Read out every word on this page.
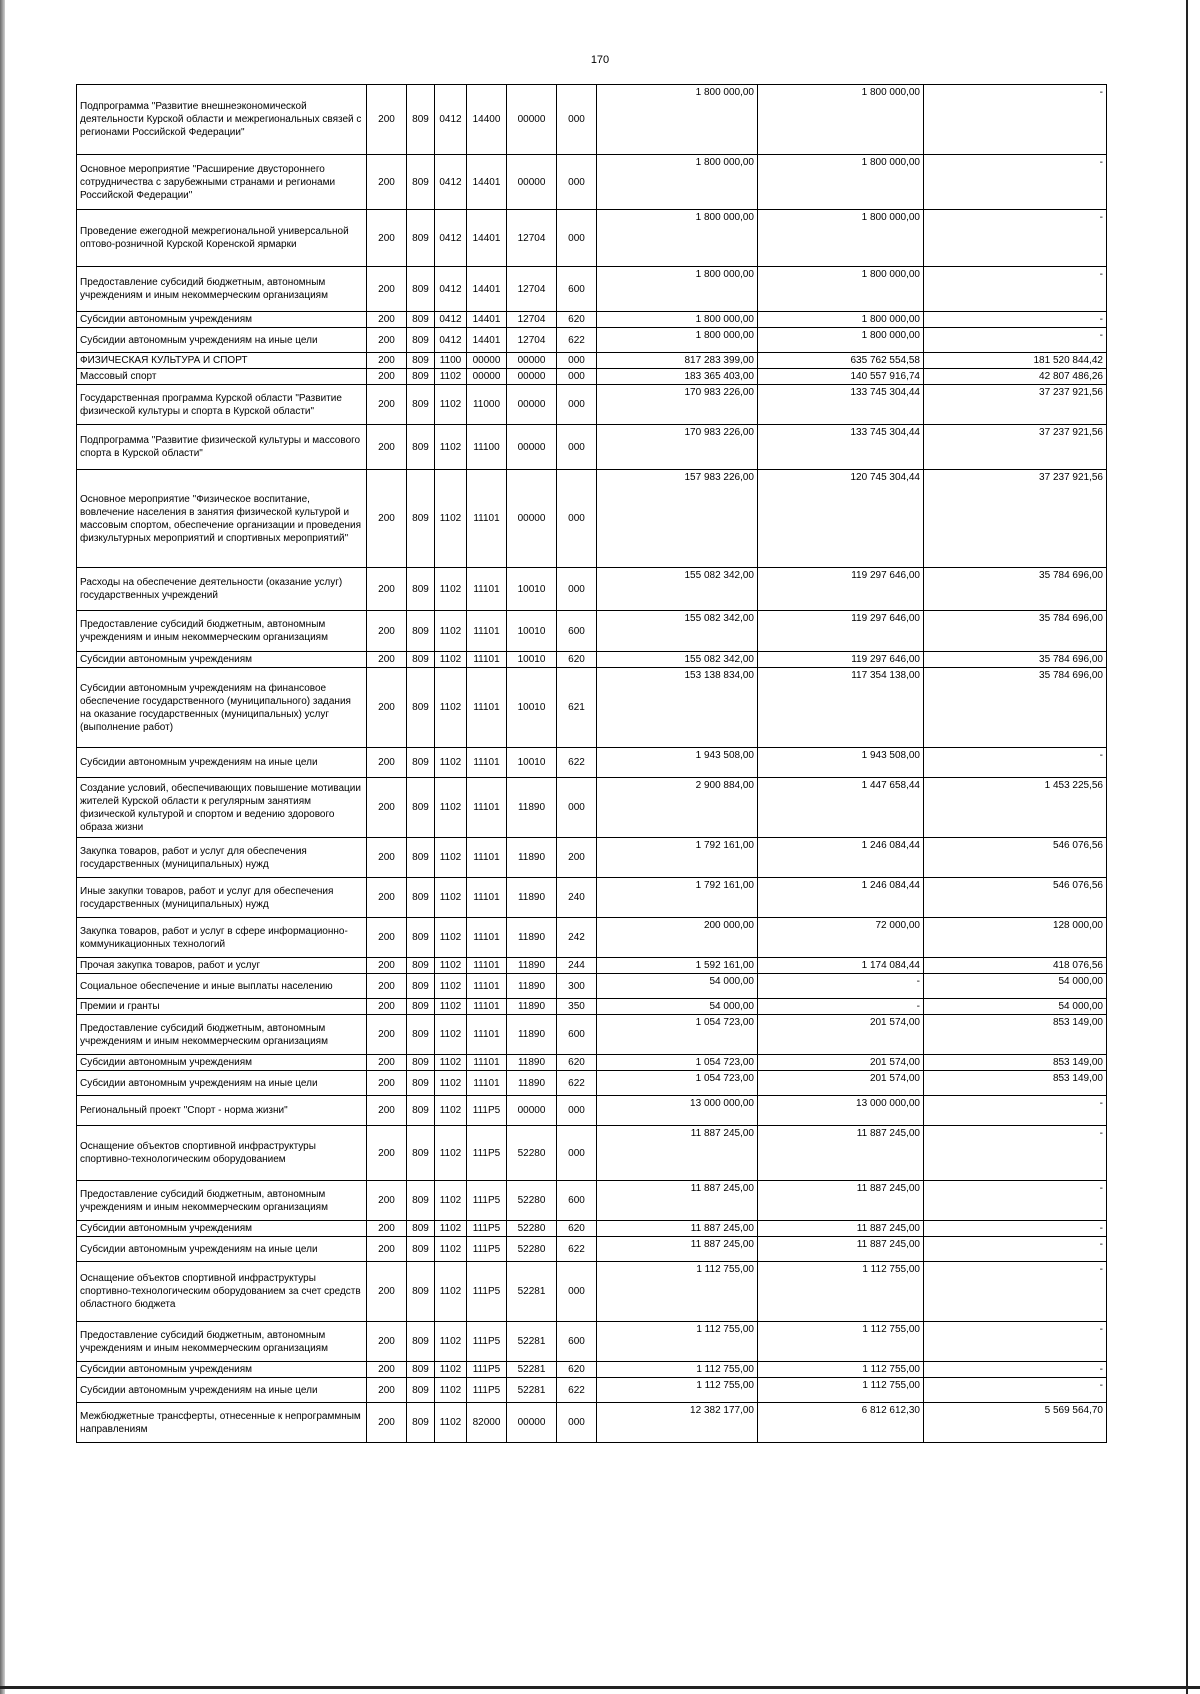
170
Подпрограмма "Развитие внешнеэкономической деятельности Курской области и межрегиональных связей с регионами Российской Федерации"	200	809	0412	14400	00000	000	1 800 000,00	1 800 000,00	-
Основное мероприятие "Расширение двустороннего сотрудничества с зарубежными странами и регионами Российской Федерации"	200	809	0412	14401	00000	000	1 800 000,00	1 800 000,00	-
Проведение ежегодной межрегиональной универсальной оптово-розничной Курской Коренской ярмарки	200	809	0412	14401	12704	000	1 800 000,00	1 800 000,00	-
Предоставление субсидий бюджетным, автономным учреждениям и иным некоммерческим организациям	200	809	0412	14401	12704	600	1 800 000,00	1 800 000,00	-
Субсидии автономным учреждениям	200	809	0412	14401	12704	620	1 800 000,00	1 800 000,00	-
Субсидии автономным учреждениям на иные цели	200	809	0412	14401	12704	622	1 800 000,00	1 800 000,00	-
ФИЗИЧЕСКАЯ КУЛЬТУРА И СПОРТ	200	809	1100	00000	00000	000	817 283 399,00	635 762 554,58	181 520 844,42
Массовый спорт	200	809	1102	00000	00000	000	183 365 403,00	140 557 916,74	42 807 486,26
Государственная программа Курской области "Развитие физической культуры и спорта в Курской области"	200	809	1102	11000	00000	000	170 983 226,00	133 745 304,44	37 237 921,56
Подпрограмма "Развитие физической культуры и массового спорта в Курской области"	200	809	1102	11100	00000	000	170 983 226,00	133 745 304,44	37 237 921,56
Основное мероприятие "Физическое воспитание, вовлечение населения в занятия физической культурой и массовым спортом, обеспечение организации и проведения физкультурных мероприятий и спортивных мероприятий"	200	809	1102	11101	00000	000	157 983 226,00	120 745 304,44	37 237 921,56
Расходы на обеспечение деятельности (оказание услуг) государственных учреждений	200	809	1102	11101	10010	000	155 082 342,00	119 297 646,00	35 784 696,00
Предоставление субсидий бюджетным, автономным учреждениям и иным некоммерческим организациям	200	809	1102	11101	10010	600	155 082 342,00	119 297 646,00	35 784 696,00
Субсидии автономным учреждениям	200	809	1102	11101	10010	620	155 082 342,00	119 297 646,00	35 784 696,00
Субсидии автономным учреждениям на финансовое обеспечение государственного (муниципального) задания на оказание государственных (муниципальных) услуг (выполнение работ)	200	809	1102	11101	10010	621	153 138 834,00	117 354 138,00	35 784 696,00
Субсидии автономным учреждениям на иные цели	200	809	1102	11101	10010	622	1 943 508,00	1 943 508,00	-
Создание условий, обеспечивающих повышение мотивации жителей Курской области к регулярным занятиям физической культурой и спортом и ведению здорового образа жизни	200	809	1102	11101	11890	000	2 900 884,00	1 447 658,44	1 453 225,56
Закупка товаров, работ и услуг для обеспечения государственных (муниципальных) нужд	200	809	1102	11101	11890	200	1 792 161,00	1 246 084,44	546 076,56
Иные закупки товаров, работ и услуг для обеспечения государственных (муниципальных) нужд	200	809	1102	11101	11890	240	1 792 161,00	1 246 084,44	546 076,56
Закупка товаров, работ и услуг в сфере информационно-коммуникационных технологий	200	809	1102	11101	11890	242	200 000,00	72 000,00	128 000,00
Прочая закупка товаров, работ и услуг	200	809	1102	11101	11890	244	1 592 161,00	1 174 084,44	418 076,56
Социальное обеспечение и иные выплаты населению	200	809	1102	11101	11890	300	54 000,00	-	54 000,00
Премии и гранты	200	809	1102	11101	11890	350	54 000,00	-	54 000,00
Предоставление субсидий бюджетным, автономным учреждениям и иным некоммерческим организациям	200	809	1102	11101	11890	600	1 054 723,00	201 574,00	853 149,00
Субсидии автономным учреждениям	200	809	1102	11101	11890	620	1 054 723,00	201 574,00	853 149,00
Субсидии автономным учреждениям на иные цели	200	809	1102	11101	11890	622	1 054 723,00	201 574,00	853 149,00
Региональный проект "Спорт - норма жизни"	200	809	1102	111P5	00000	000	13 000 000,00	13 000 000,00	-
Оснащение объектов спортивной инфраструктуры спортивно-технологическим оборудованием	200	809	1102	111P5	52280	000	11 887 245,00	11 887 245,00	-
Предоставление субсидий бюджетным, автономным учреждениям и иным некоммерческим организациям	200	809	1102	111P5	52280	600	11 887 245,00	11 887 245,00	-
Субсидии автономным учреждениям	200	809	1102	111P5	52280	620	11 887 245,00	11 887 245,00	-
Субсидии автономным учреждениям на иные цели	200	809	1102	111P5	52280	622	11 887 245,00	11 887 245,00	-
Оснащение объектов спортивной инфраструктуры спортивно-технологическим оборудованием за счет средств областного бюджета	200	809	1102	111P5	52281	000	1 112 755,00	1 112 755,00	-
Предоставление субсидий бюджетным, автономным учреждениям и иным некоммерческим организациям	200	809	1102	111P5	52281	600	1 112 755,00	1 112 755,00	-
Субсидии автономным учреждениям	200	809	1102	111P5	52281	620	1 112 755,00	1 112 755,00	-
Субсидии автономным учреждениям на иные цели	200	809	1102	111P5	52281	622	1 112 755,00	1 112 755,00	-
Межбюджетные трансферты, отнесенные к непрограммным направлениям	200	809	1102	82000	00000	000	12 382 177,00	6 812 612,30	5 569 564,70
